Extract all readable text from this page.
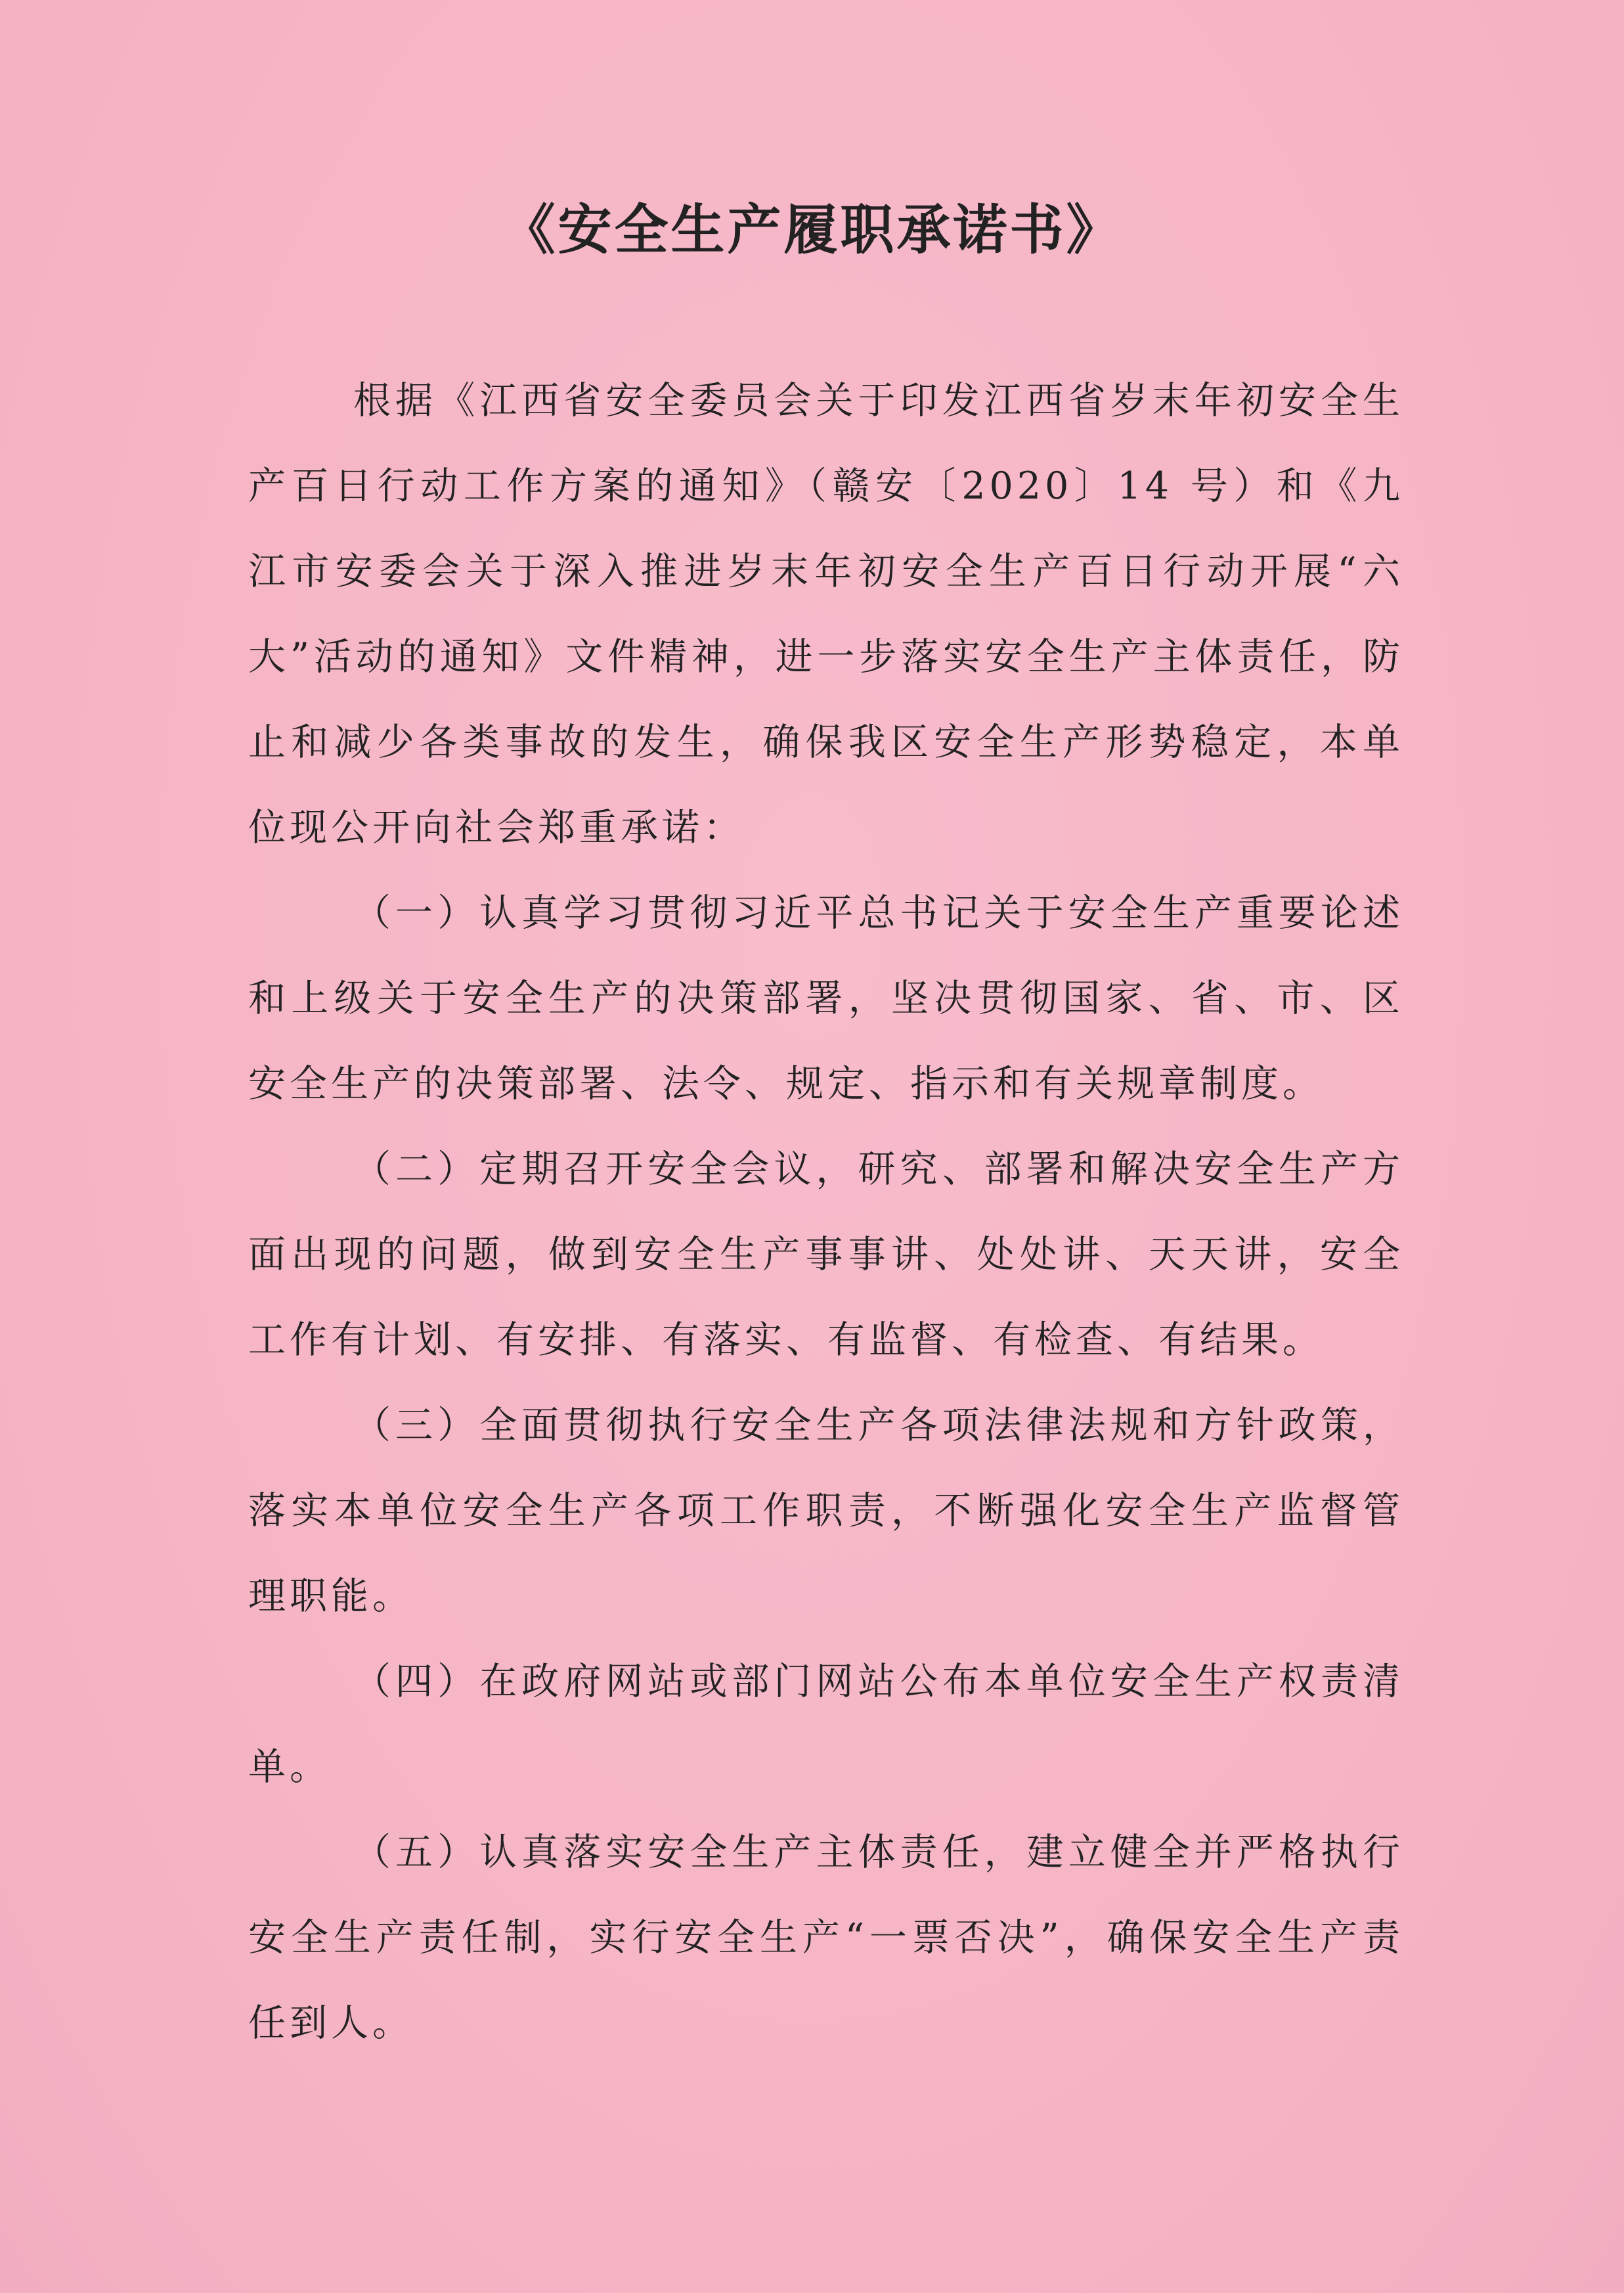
《安全生产履职承诺书》

根据《江西省安全委员会关于印发江西省岁末年初安全生产百日行动工作方案的通知》（赣安〔2020〕14 号）和《九江市安委会关于深入推进岁末年初安全生产百日行动开展“六大”活动的通知》文件精神，进一步落实安全生产主体责任，防止和减少各类事故的发生，确保我区安全生产形势稳定，本单位现公开向社会郑重承诺：

（一）认真学习贯彻习近平总书记关于安全生产重要论述和上级关于安全生产的决策部署，坚决贯彻国家、省、市、区安全生产的决策部署、法令、规定、指示和有关规章制度。

（二）定期召开安全会议，研究、部署和解决安全生产方面出现的问题，做到安全生产事事讲、处处讲、天天讲，安全工作有计划、有安排、有落实、有监督、有检查、有结果。

（三）全面贯彻执行安全生产各项法律法规和方针政策，落实本单位安全生产各项工作职责，不断强化安全生产监督管理职能。

（四）在政府网站或部门网站公布本单位安全生产权责清单。

（五）认真落实安全生产主体责任，建立健全并严格执行安全生产责任制，实行安全生产“一票否决”，确保安全生产责任到人。
